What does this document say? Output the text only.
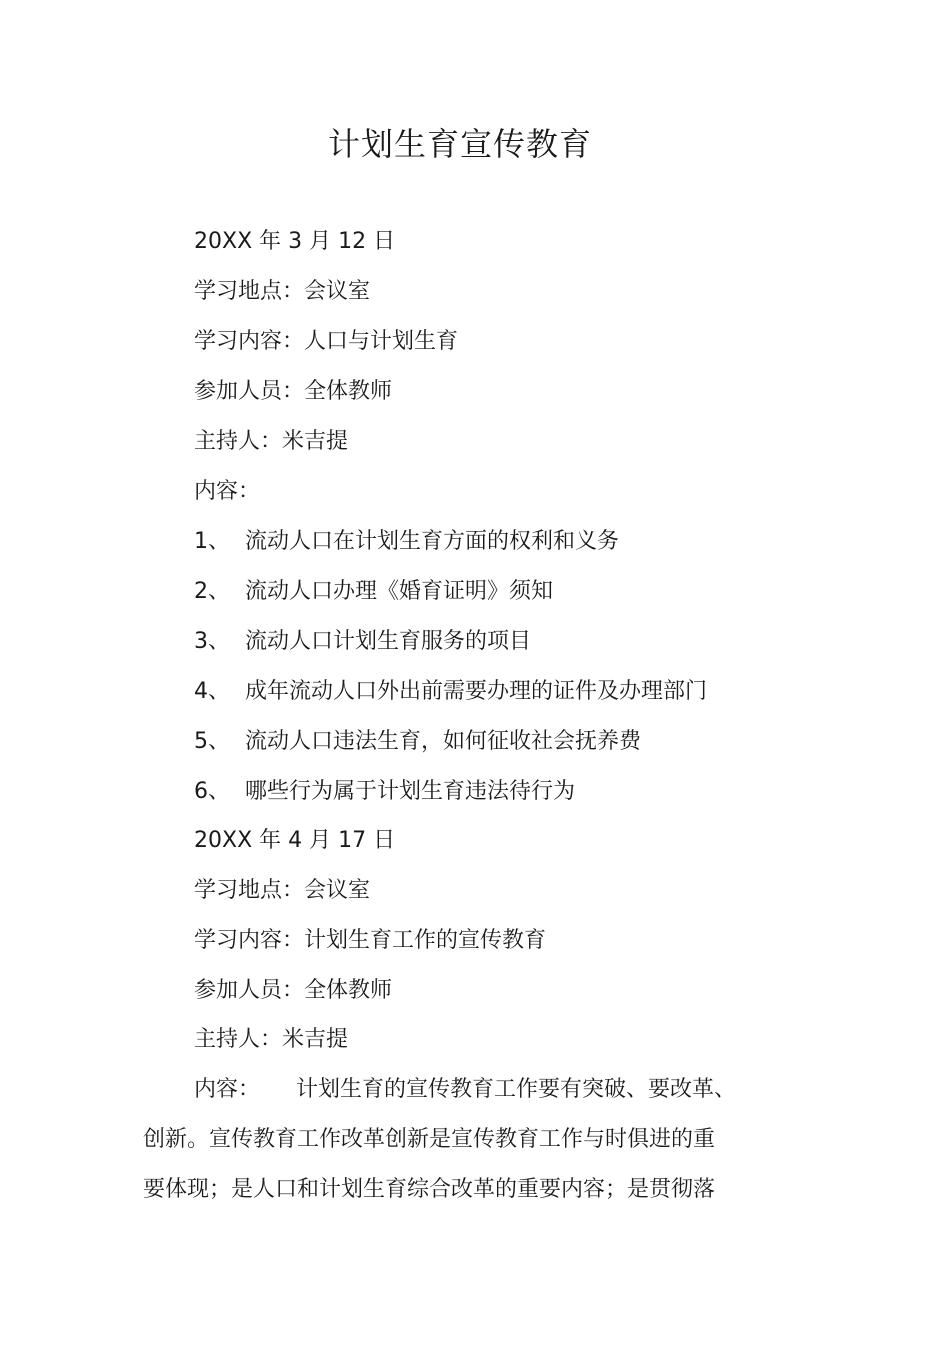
计划生育宣传教育
20XX 年 3 月 12 日
学习地点：会议室
学习内容：人口与计划生育
参加人员：全体教师
主持人：米吉提
内容：
1、 流动人口在计划生育方面的权利和义务
2、 流动人口办理《婚育证明》须知
3、 流动人口计划生育服务的项目
4、 成年流动人口外出前需要办理的证件及办理部门
5、 流动人口违法生育，如何征收社会抚养费
6、 哪些行为属于计划生育违法待行为
20XX 年 4 月 17 日
学习地点：会议室
学习内容：计划生育工作的宣传教育
参加人员：全体教师
主持人：米吉提
内容： 计划生育的宣传教育工作要有突破、要改革、
创新。宣传教育工作改革创新是宣传教育工作与时俱进的重
要体现；是人口和计划生育综合改革的重要内容；是贯彻落
